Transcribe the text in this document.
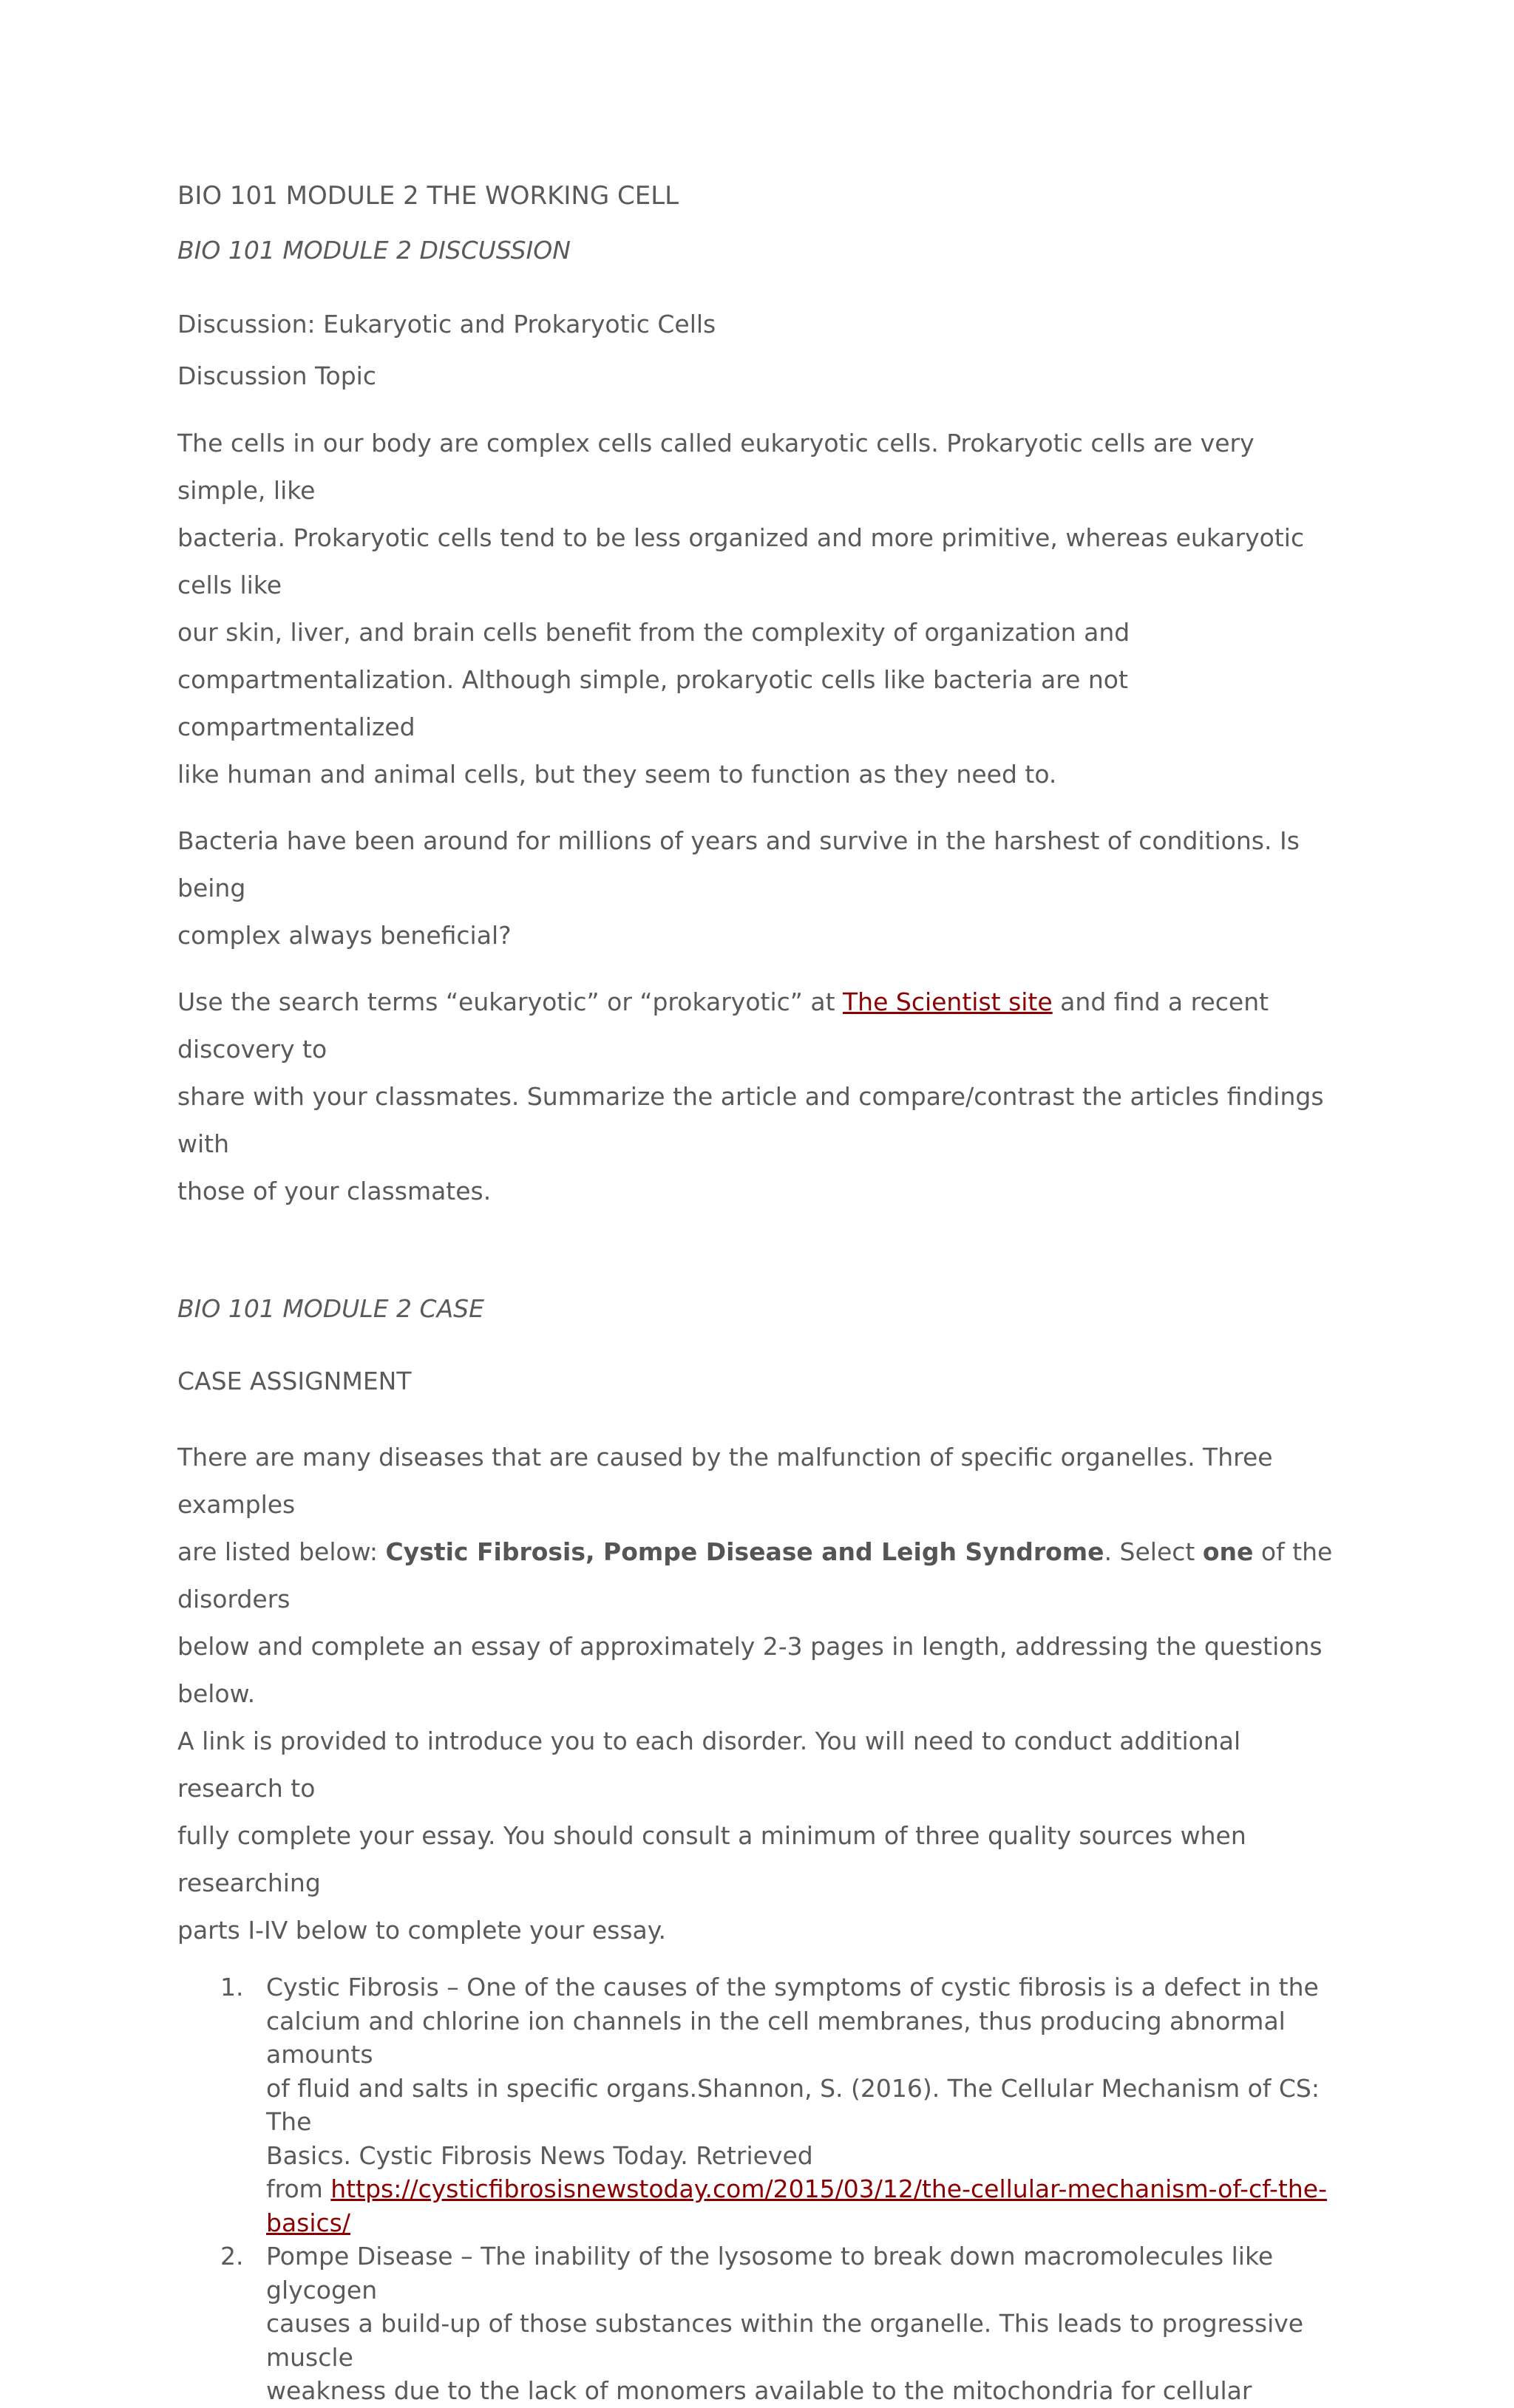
BIO 101 MODULE 2 THE WORKING CELL

BIO 101 MODULE 2 DISCUSSION

Discussion: Eukaryotic and Prokaryotic Cells

Discussion Topic

The cells in our body are complex cells called eukaryotic cells. Prokaryotic cells are very simple, like

bacteria. Prokaryotic cells tend to be less organized and more primitive, whereas eukaryotic cells like

our skin, liver, and brain cells benefit from the complexity of organization and

compartmentalization. Although simple, prokaryotic cells like bacteria are not compartmentalized

like human and animal cells, but they seem to function as they need to.

Bacteria have been around for millions of years and survive in the harshest of conditions. Is being

complex always beneficial?

Use the search terms “eukaryotic” or “prokaryotic” at The Scientist site and find a recent discovery to

share with your classmates. Summarize the article and compare/contrast the articles findings with

those of your classmates.

BIO 101 MODULE 2 CASE

CASE ASSIGNMENT

There are many diseases that are caused by the malfunction of specific organelles. Three examples

are listed below: Cystic Fibrosis, Pompe Disease and Leigh Syndrome. Select one of the disorders

below and complete an essay of approximately 2-3 pages in length, addressing the questions below.

A link is provided to introduce you to each disorder. You will need to conduct additional research to

fully complete your essay. You should consult a minimum of three quality sources when researching

parts I-IV below to complete your essay.

1. Cystic Fibrosis – One of the causes of the symptoms of cystic fibrosis is a defect in the
calcium and chlorine ion channels in the cell membranes, thus producing abnormal amounts
of fluid and salts in specific organs.Shannon, S. (2016). The Cellular Mechanism of CS: The
Basics. Cystic Fibrosis News Today. Retrieved
from https://cysticfibrosisnewstoday.com/2015/03/12/the-cellular-mechanism-of-cf-the-
basics/
2. Pompe Disease – The inability of the lysosome to break down macromolecules like glycogen
causes a build-up of those substances within the organelle. This leads to progressive muscle
weakness due to the lack of monomers available to the mitochondria for cellular
